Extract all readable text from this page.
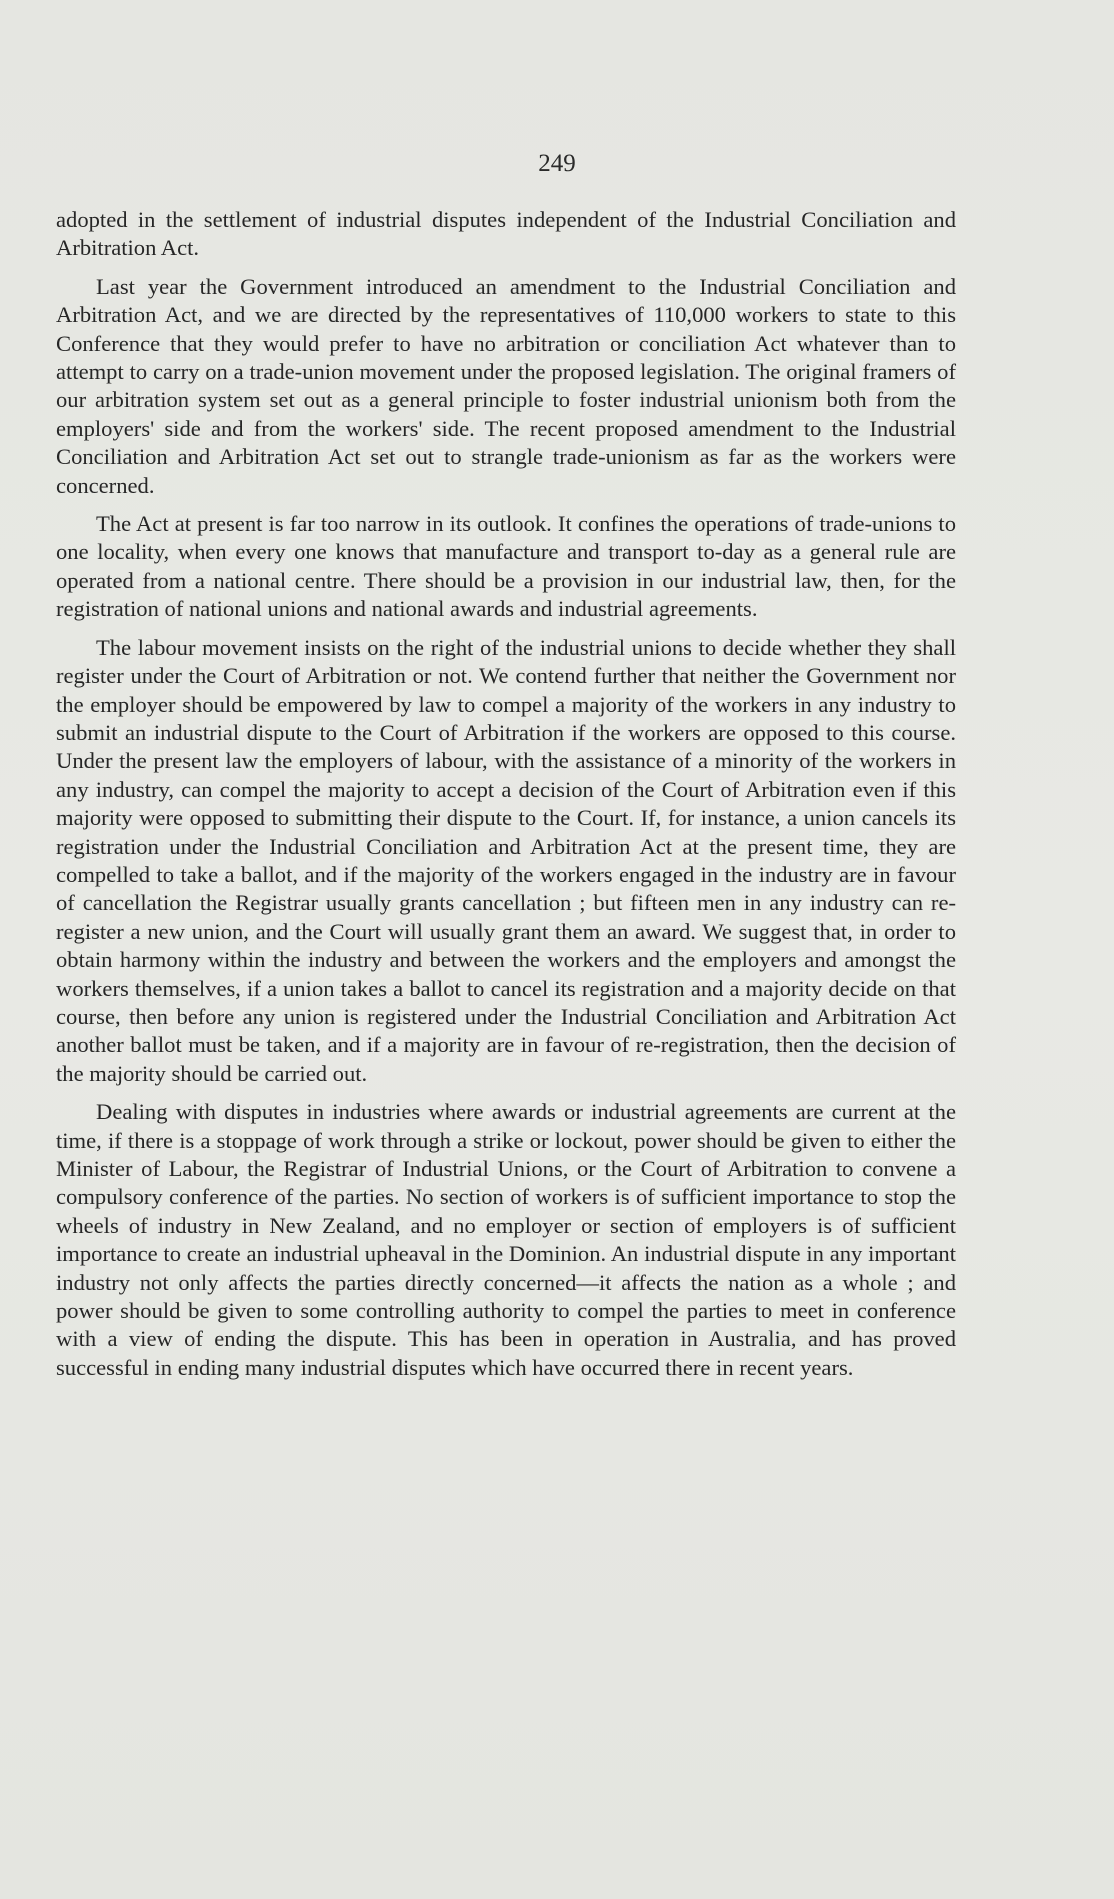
249

adopted in the settlement of industrial disputes independent of the Industrial Conciliation and Arbitration Act.

Last year the Government introduced an amendment to the Industrial Conciliation and Arbitration Act, and we are directed by the representatives of 110,000 workers to state to this Conference that they would prefer to have no arbitration or conciliation Act whatever than to attempt to carry on a trade-union movement under the proposed legislation. The original framers of our arbitration system set out as a general principle to foster industrial unionism both from the employers' side and from the workers' side. The recent proposed amendment to the Industrial Conciliation and Arbitration Act set out to strangle trade-unionism as far as the workers were concerned.

The Act at present is far too narrow in its outlook. It confines the operations of trade-unions to one locality, when every one knows that manufacture and transport to-day as a general rule are operated from a national centre. There should be a provision in our industrial law, then, for the registration of national unions and national awards and industrial agreements.

The labour movement insists on the right of the industrial unions to decide whether they shall register under the Court of Arbitration or not. We contend further that neither the Government nor the employer should be empowered by law to compel a majority of the workers in any industry to submit an industrial dispute to the Court of Arbitration if the workers are opposed to this course. Under the present law the employers of labour, with the assistance of a minority of the workers in any industry, can compel the majority to accept a decision of the Court of Arbitration even if this majority were opposed to submitting their dispute to the Court. If, for instance, a union cancels its registration under the Industrial Conciliation and Arbitration Act at the present time, they are compelled to take a ballot, and if the majority of the workers engaged in the industry are in favour of cancellation the Registrar usually grants cancellation ; but fifteen men in any industry can re-register a new union, and the Court will usually grant them an award. We suggest that, in order to obtain harmony within the industry and between the workers and the employers and amongst the workers themselves, if a union takes a ballot to cancel its registration and a majority decide on that course, then before any union is registered under the Industrial Conciliation and Arbitration Act another ballot must be taken, and if a majority are in favour of re-registration, then the decision of the majority should be carried out.

Dealing with disputes in industries where awards or industrial agreements are current at the time, if there is a stoppage of work through a strike or lockout, power should be given to either the Minister of Labour, the Registrar of Industrial Unions, or the Court of Arbitration to convene a compulsory conference of the parties. No section of workers is of sufficient importance to stop the wheels of industry in New Zealand, and no employer or section of employers is of sufficient importance to create an industrial upheaval in the Dominion. An industrial dispute in any important industry not only affects the parties directly concerned—it affects the nation as a whole ; and power should be given to some controlling authority to compel the parties to meet in conference with a view of ending the dispute. This has been in operation in Australia, and has proved successful in ending many industrial disputes which have occurred there in recent years.
